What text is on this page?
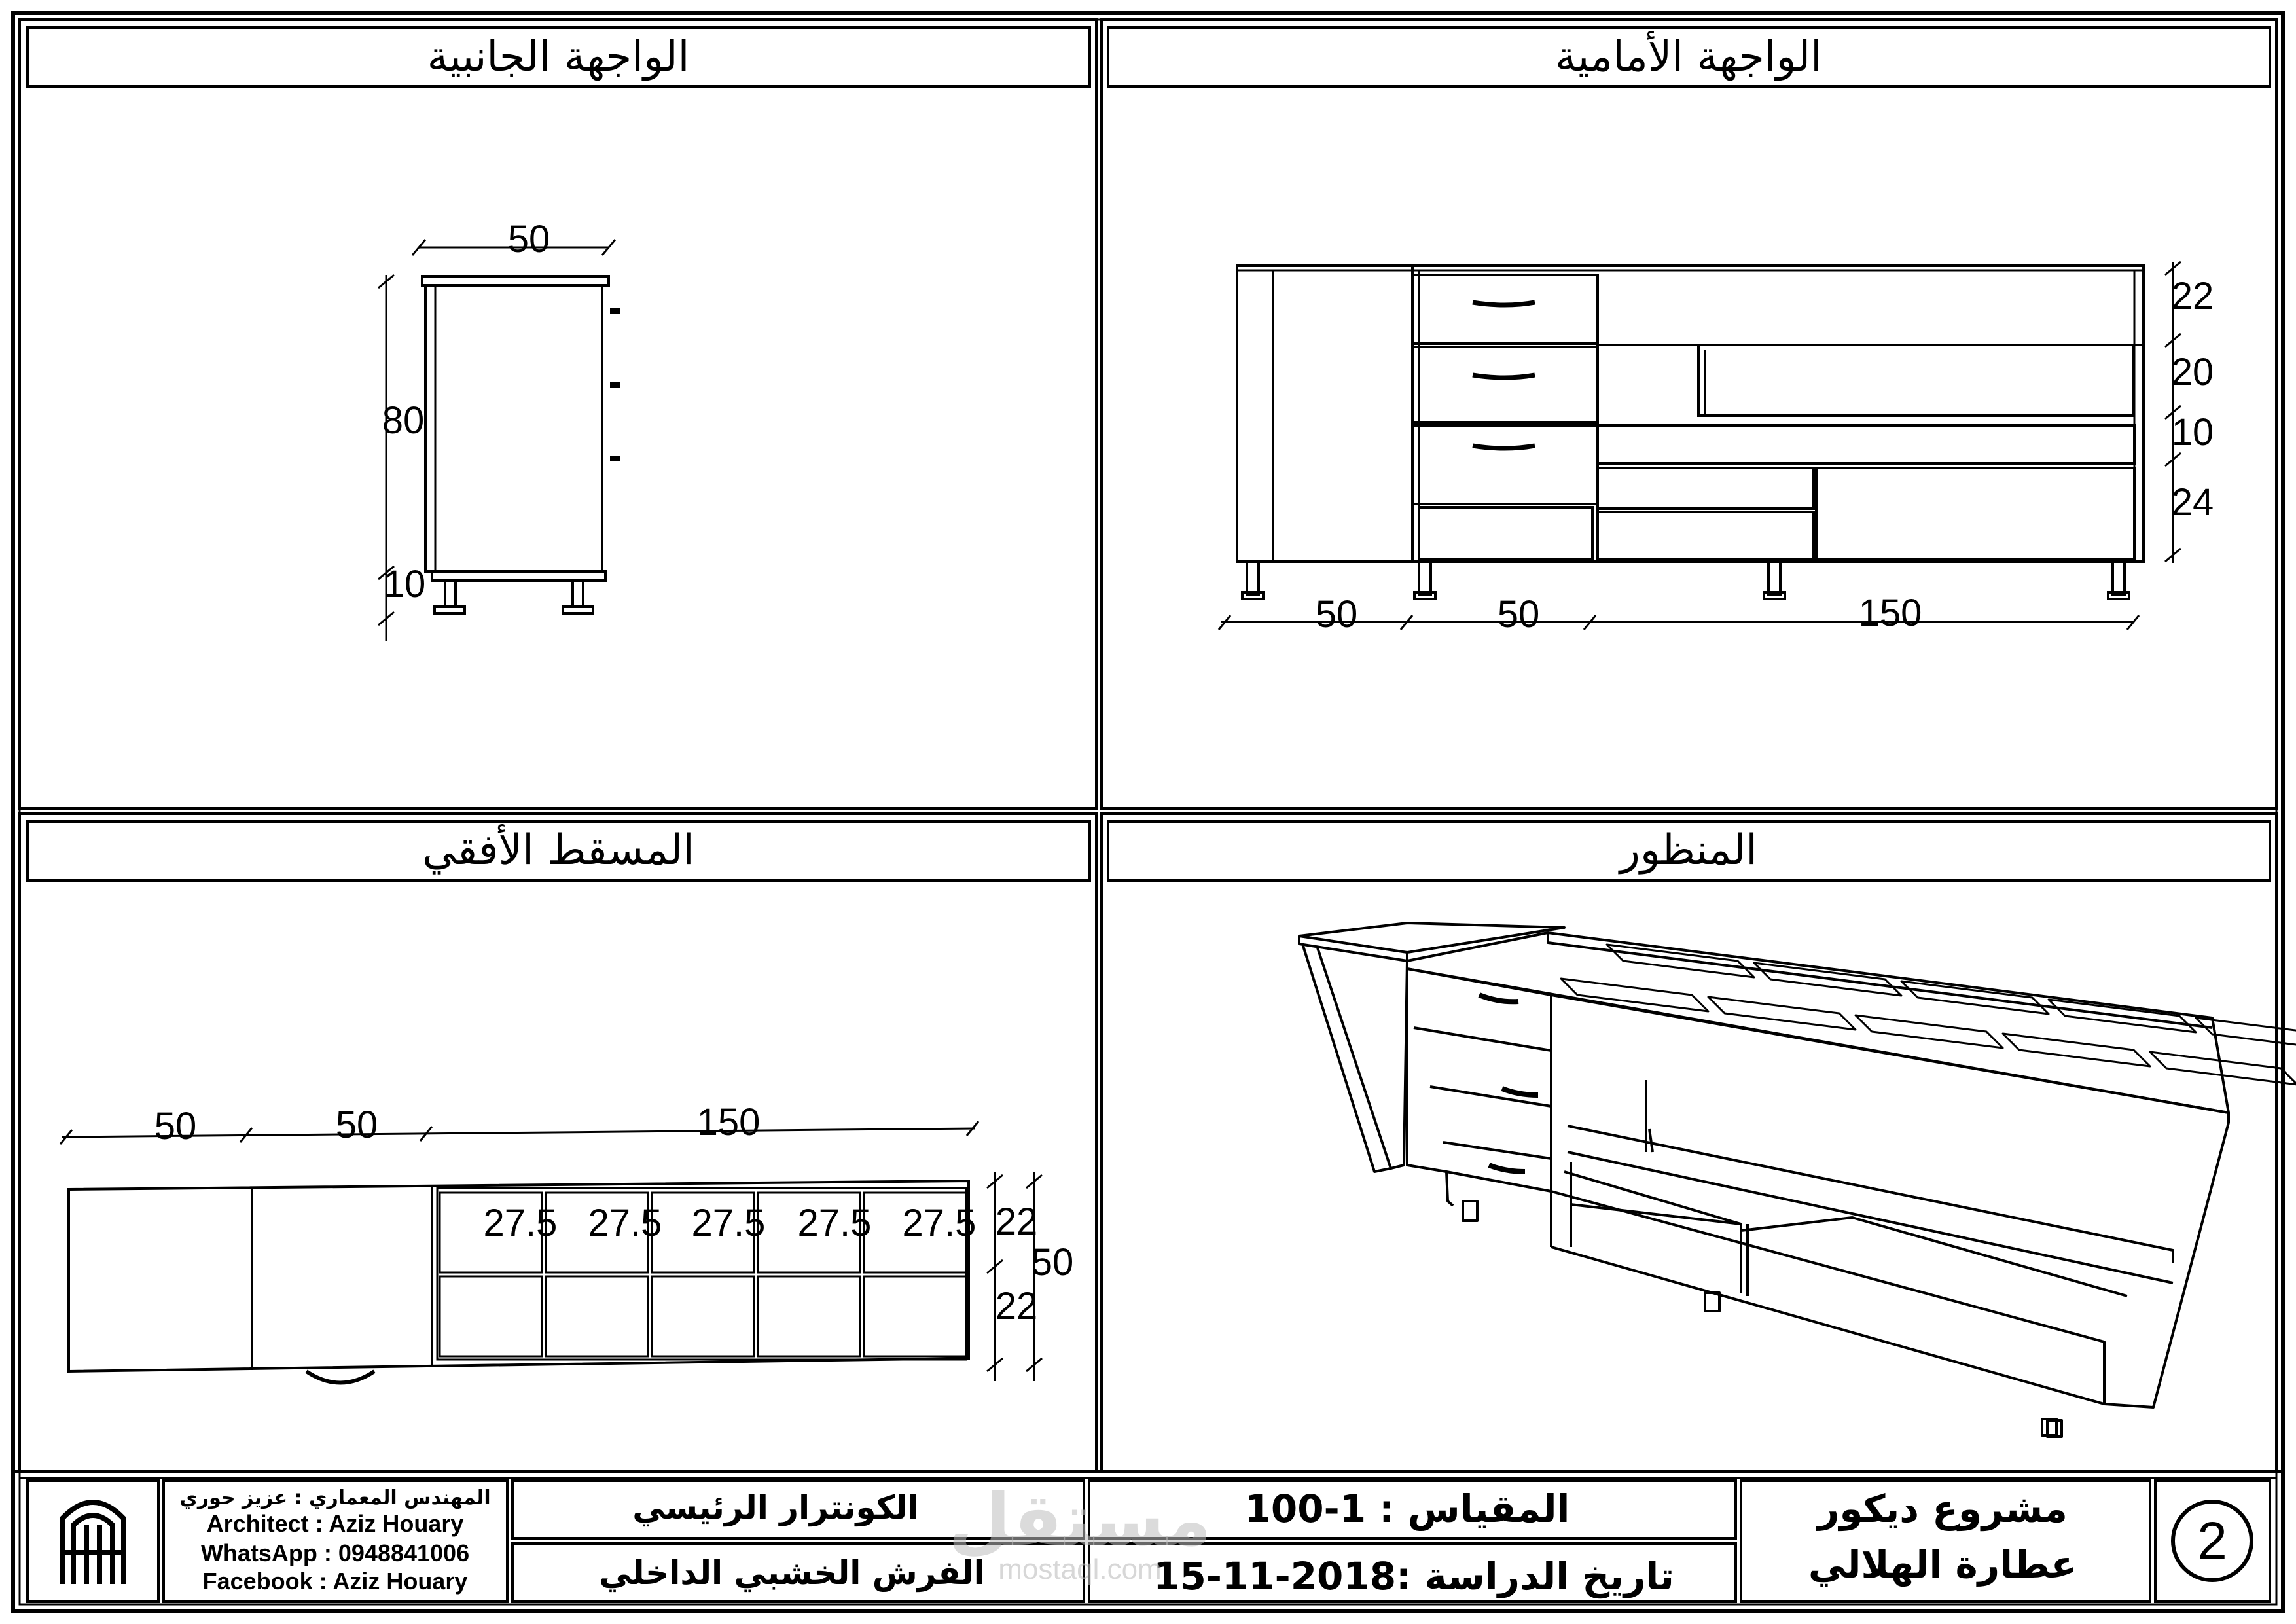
50
80
10
50	50	150
22
20
10
24
50	50	150
27.5 27.5 27.5 27.5 27.5 22
22
50
الواجهة الجانبية	الواجهة الأمامية
المسقط الأفقي	المنظور
المهندس المعماري : عزيز حوري
Architect : Aziz Houary
WhatsApp : 0948841006
Facebook : Aziz Houary
الكونترار الرئيسي
الفرش الخشبي الداخلي
المقياس : 1-100
تاريخ الدراسة :2018-11-15
مشروع ديكور
عطارة الهلالي 2
مستقل
mostaql.com
